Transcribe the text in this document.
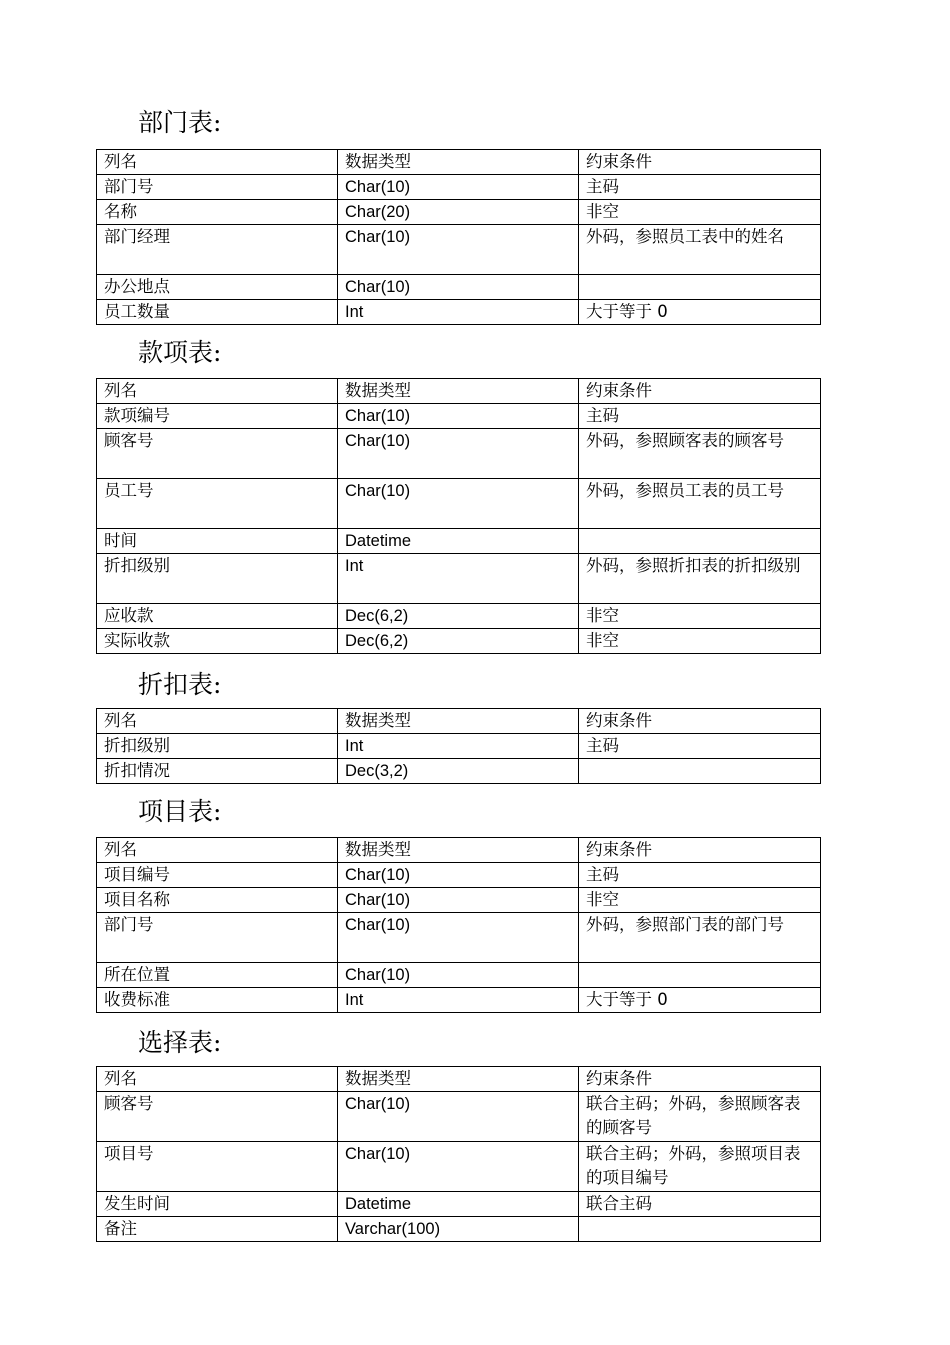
部门表:
列名	数据类型	约束条件
部门号	Char(10)	主码
名称	Char(20)	非空
部门经理	Char(10)	外码，参照员工表中的姓名
办公地点	Char(10)	
员工数量	Int	大于等于 0
款项表:
列名	数据类型	约束条件
款项编号	Char(10)	主码
顾客号	Char(10)	外码，参照顾客表的顾客号
员工号	Char(10)	外码，参照员工表的员工号
时间	Datetime	
折扣级别	Int	外码，参照折扣表的折扣级别
应收款	Dec(6,2)	非空
实际收款	Dec(6,2)	非空
折扣表:
列名	数据类型	约束条件
折扣级别	Int	主码
折扣情况	Dec(3,2)	
项目表:
列名	数据类型	约束条件
项目编号	Char(10)	主码
项目名称	Char(10)	非空
部门号	Char(10)	外码，参照部门表的部门号
所在位置	Char(10)	
收费标准	Int	大于等于 0
选择表:
列名	数据类型	约束条件
顾客号	Char(10)	联合主码；外码，参照顾客表的顾客号
项目号	Char(10)	联合主码；外码，参照项目表的项目编号
发生时间	Datetime	联合主码
备注	Varchar(100)	
